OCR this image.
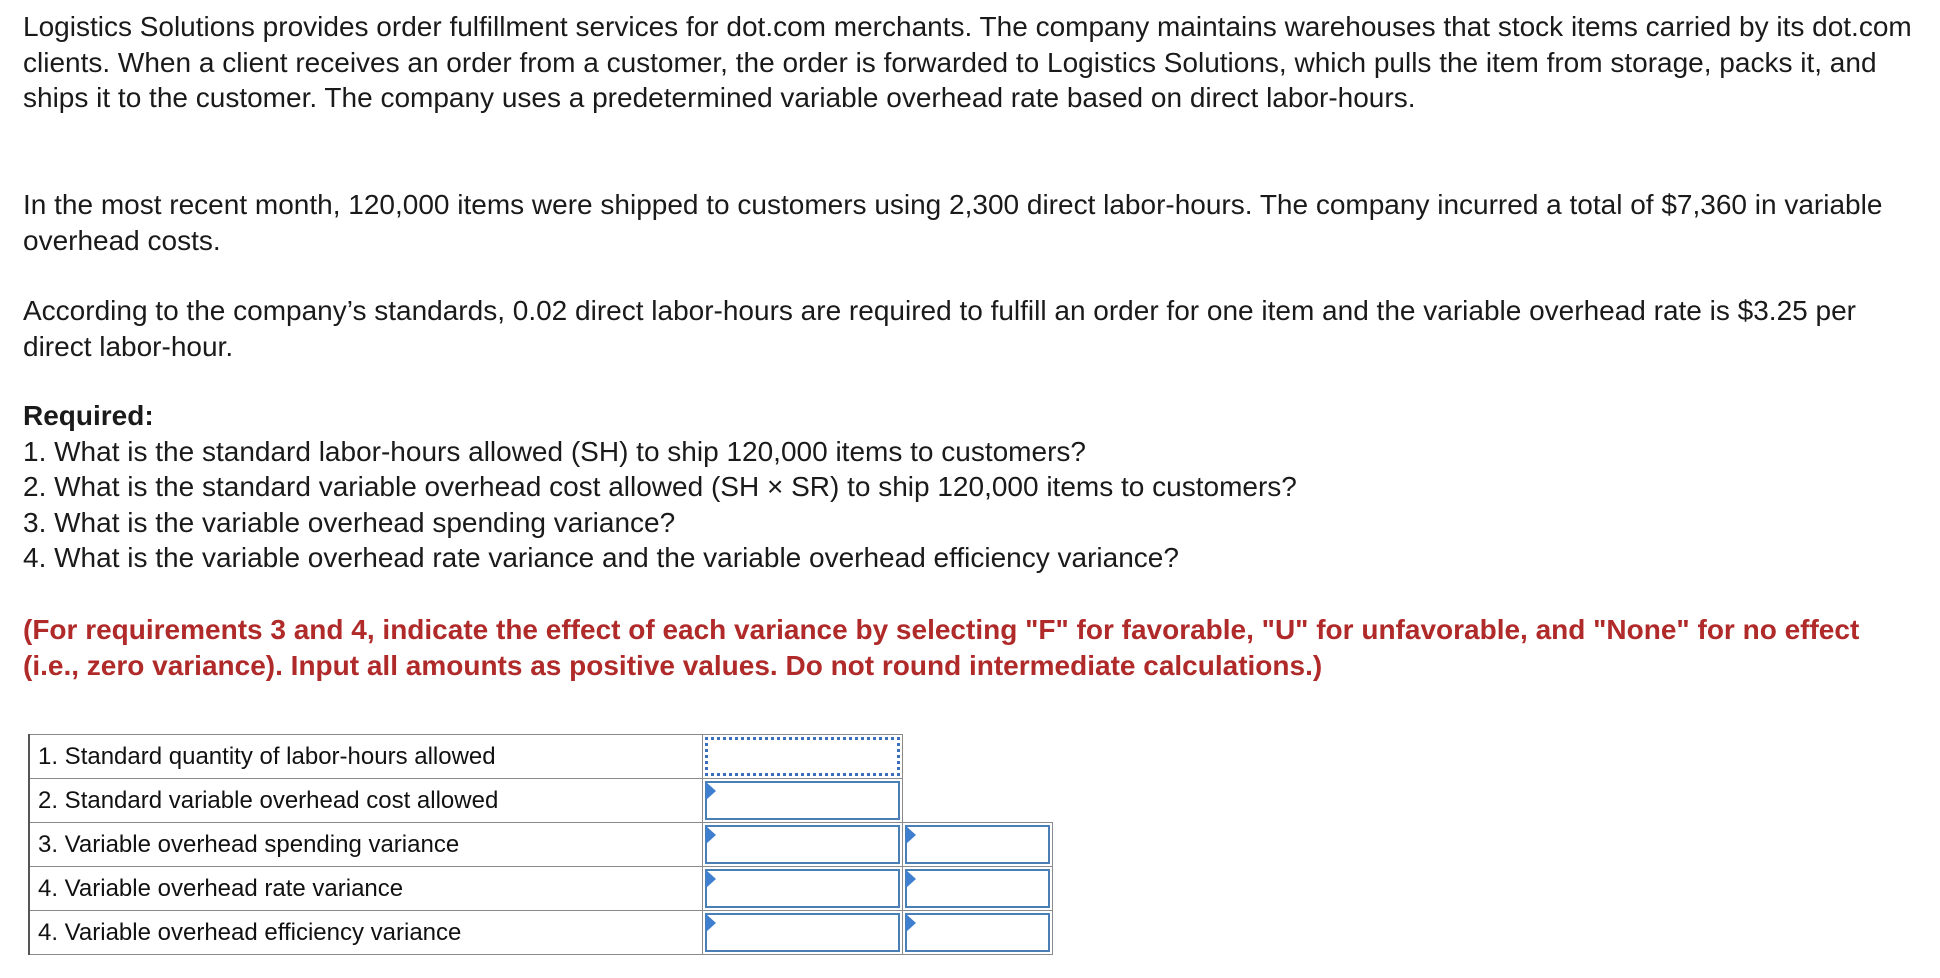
Logistics Solutions provides order fulfillment services for dot.com merchants. The company maintains warehouses that stock items carried by its dot.com clients. When a client receives an order from a customer, the order is forwarded to Logistics Solutions, which pulls the item from storage, packs it, and ships it to the customer. The company uses a predetermined variable overhead rate based on direct labor-hours.

In the most recent month, 120,000 items were shipped to customers using 2,300 direct labor-hours. The company incurred a total of $7,360 in variable overhead costs.

According to the company’s standards, 0.02 direct labor-hours are required to fulfill an order for one item and the variable overhead rate is $3.25 per direct labor-hour.

Required:
1. What is the standard labor-hours allowed (SH) to ship 120,000 items to customers?
2. What is the standard variable overhead cost allowed (SH × SR) to ship 120,000 items to customers?
3. What is the variable overhead spending variance?
4. What is the variable overhead rate variance and the variable overhead efficiency variance?

(For requirements 3 and 4, indicate the effect of each variance by selecting "F" for favorable, "U" for unfavorable, and "None" for no effect (i.e., zero variance). Input all amounts as positive values. Do not round intermediate calculations.)

1. Standard quantity of labor-hours allowed	

2. Standard variable overhead cost allowed	

3. Variable overhead spending variance	

4. Variable overhead rate variance	

4. Variable overhead efficiency variance	
